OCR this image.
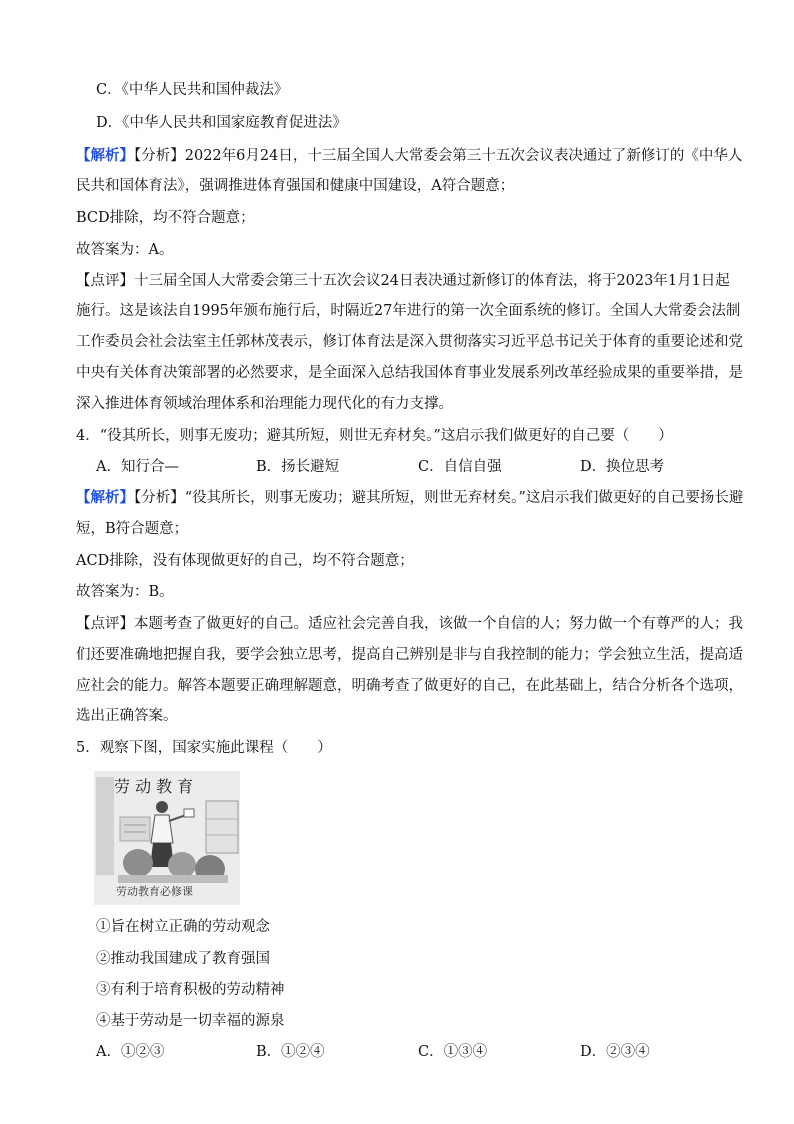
C．《中华人民共和国仲裁法》
D．《中华人民共和国家庭教育促进法》
【解析】【分析】2022年6月24日，十三届全国人大常委会第三十五次会议表决通过了新修订的《中华人
民共和国体育法》，强调推进体育强国和健康中国建设，A符合题意；
BCD排除，均不符合题意；
故答案为：A。
【点评】十三届全国人大常委会第三十五次会议24日表决通过新修订的体育法，将于2023年1月1日起
施行。这是该法自1995年颁布施行后，时隔近27年进行的第一次全面系统的修订。全国人大常委会法制
工作委员会社会法室主任郭林茂表示，修订体育法是深入贯彻落实习近平总书记关于体育的重要论述和党
中央有关体育决策部署的必然要求，是全面深入总结我国体育事业发展系列改革经验成果的重要举措，是
深入推进体育领域治理体系和治理能力现代化的有力支撑。
4．“役其所长，则事无废功；避其所短，则世无弃材矣。”这启示我们做更好的自己要（　　）
A．知行合—	B．扬长避短	C．自信自强	D．换位思考
【解析】【分析】“役其所长，则事无废功；避其所短，则世无弃材矣。”这启示我们做更好的自己要扬长避
短，B符合题意；
ACD排除，没有体现做更好的自己，均不符合题意；
故答案为：B。
【点评】本题考查了做更好的自己。适应社会完善自我，该做一个自信的人；努力做一个有尊严的人；我
们还要准确地把握自我，要学会独立思考，提高自己辨别是非与自我控制的能力；学会独立生活，提高适
应社会的能力。解答本题要正确理解题意，明确考查了做更好的自己，在此基础上，结合分析各个选项，
选出正确答案。
5．观察下图，国家实施此课程（　　）
劳 动 教 育
劳动教育必修课
①旨在树立正确的劳动观念
②推动我国建成了教育强国
③有利于培育积极的劳动精神
④基于劳动是一切幸福的源泉
A．①②③	B．①②④	C．①③④	D．②③④
